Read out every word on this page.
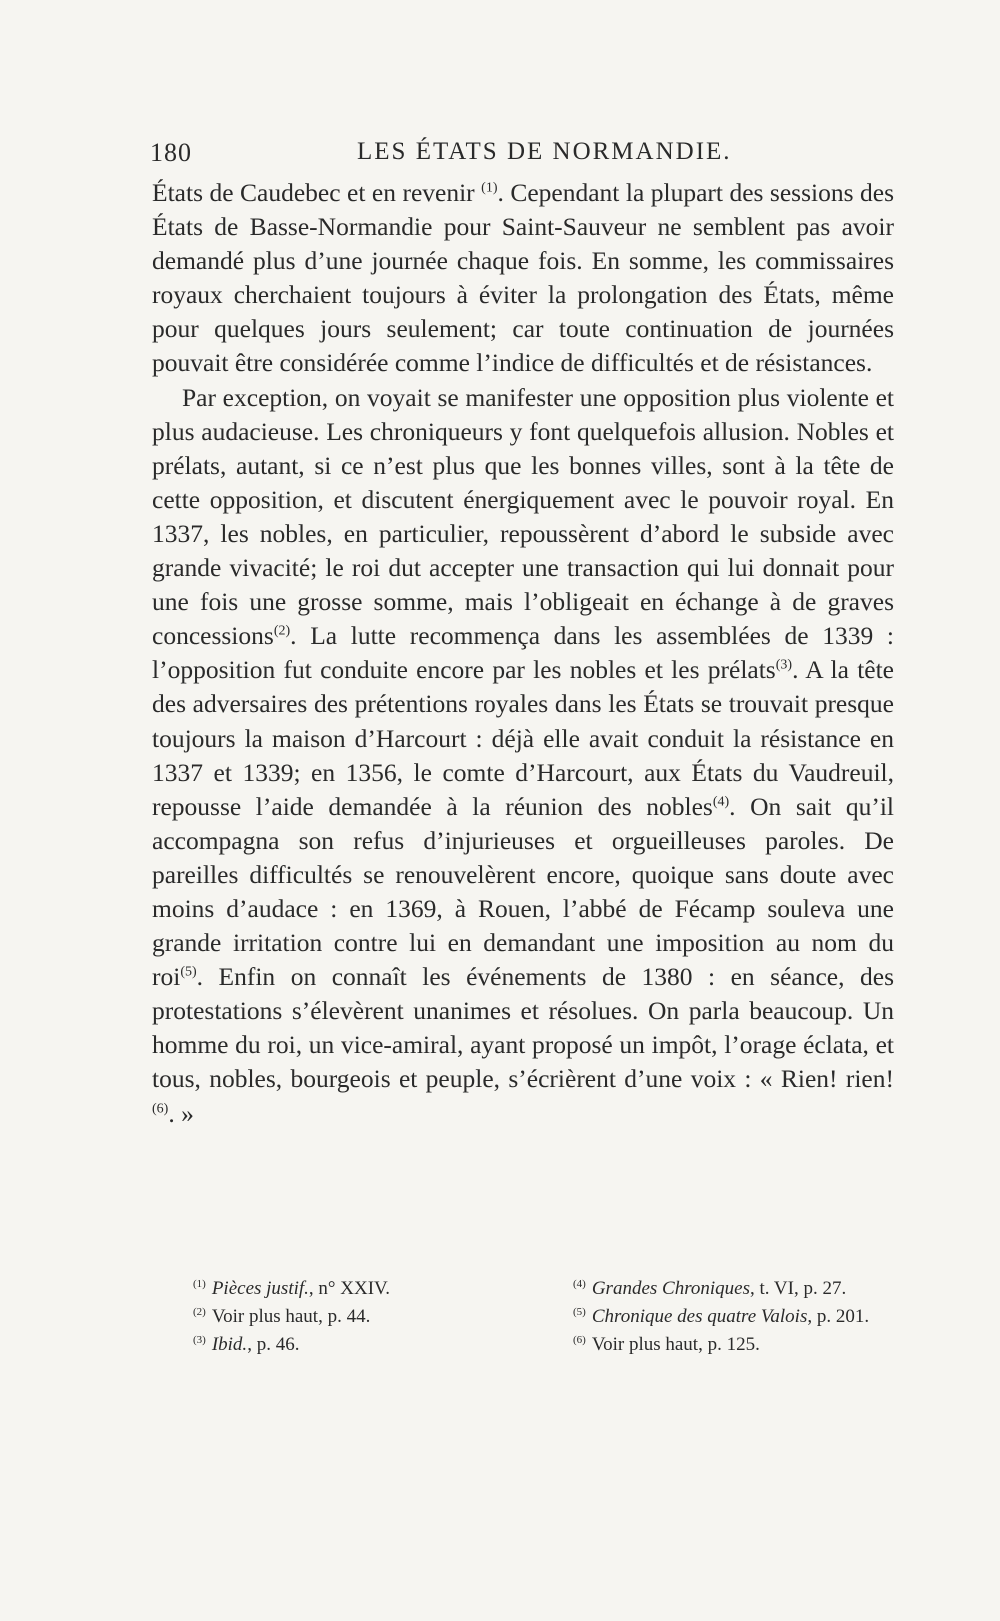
180	LES ÉTATS DE NORMANDIE.

États de Caudebec et en revenir $^{(1)}$. Cependant la plupart des sessions des États de Basse-Normandie pour Saint-Sauveur ne semblent pas avoir demandé plus d’une journée chaque fois. En somme, les commissaires royaux cherchaient toujours à éviter la prolongation des États, même pour quelques jours seulement; car toute continuation de journées pouvait être considérée comme l’indice de difficultés et de résistances.

Par exception, on voyait se manifester une opposition plus violente et plus audacieuse. Les chroniqueurs y font quelquefois allusion. Nobles et prélats, autant, si ce n’est plus que les bonnes villes, sont à la tête de cette opposition, et discutent énergiquement avec le pouvoir royal. En 1337, les nobles, en particulier, repoussèrent d’abord le subside avec grande vivacité; le roi dut accepter une transaction qui lui donnait pour une fois une grosse somme, mais l’obligeait en échange à de graves concessions$^{(2)}$. La lutte recommença dans les assemblées de 1339 : l’opposition fut conduite encore par les nobles et les prélats$^{(3)}$. A la tête des adversaires des prétentions royales dans les États se trouvait presque toujours la maison d’Harcourt : déjà elle avait conduit la résistance en 1337 et 1339; en 1356, le comte d’Harcourt, aux États du Vaudreuil, repousse l’aide demandée à la réunion des nobles$^{(4)}$. On sait qu’il accompagna son refus d’injurieuses et orgueilleuses paroles. De pareilles difficultés se renouvelèrent encore, quoique sans doute avec moins d’audace : en 1369, à Rouen, l’abbé de Fécamp souleva une grande irritation contre lui en demandant une imposition au nom du roi$^{(5)}$. Enfin on connaît les événements de 1380 : en séance, des protestations s’élevèrent unanimes et résolues. On parla beaucoup. Un homme du roi, un vice-amiral, ayant proposé un impôt, l’orage éclata, et tous, nobles, bourgeois et peuple, s’écrièrent d’une voix : « Rien! rien! $^{(6)}$. »

$^{(1)}$ Pièces justif., n° XXIV.
$^{(2)}$ Voir plus haut, p. 44.
$^{(3)}$ Ibid., p. 46.
$^{(4)}$ Grandes Chroniques, t. VI, p. 27.
$^{(5)}$ Chronique des quatre Valois, p. 201.
$^{(6)}$ Voir plus haut, p. 125.
